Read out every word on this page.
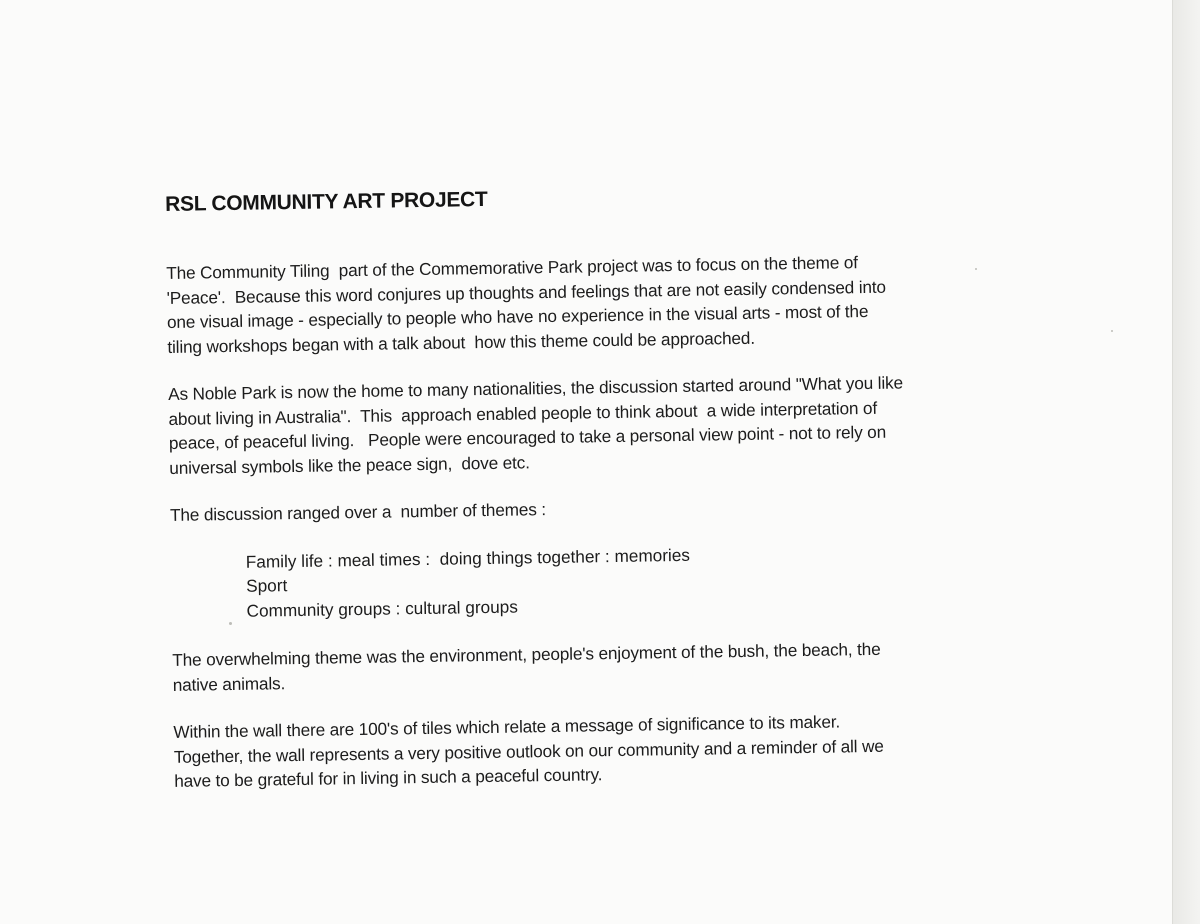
RSL COMMUNITY ART PROJECT

The Community Tiling  part of the Commemorative Park project was to focus on the theme of
'Peace'.  Because this word conjures up thoughts and feelings that are not easily condensed into
one visual image - especially to people who have no experience in the visual arts - most of the
tiling workshops began with a talk about  how this theme could be approached.

As Noble Park is now the home to many nationalities, the discussion started around "What you like
about living in Australia".  This  approach enabled people to think about  a wide interpretation of
peace, of peaceful living.   People were encouraged to take a personal view point - not to rely on
universal symbols like the peace sign,  dove etc.

The discussion ranged over a  number of themes :

Family life : meal times :  doing things together : memories
Sport
Community groups : cultural groups

The overwhelming theme was the environment, people's enjoyment of the bush, the beach, the
native animals.

Within the wall there are 100's of tiles which relate a message of significance to its maker.
Together, the wall represents a very positive outlook on our community and a reminder of all we
have to be grateful for in living in such a peaceful country.
